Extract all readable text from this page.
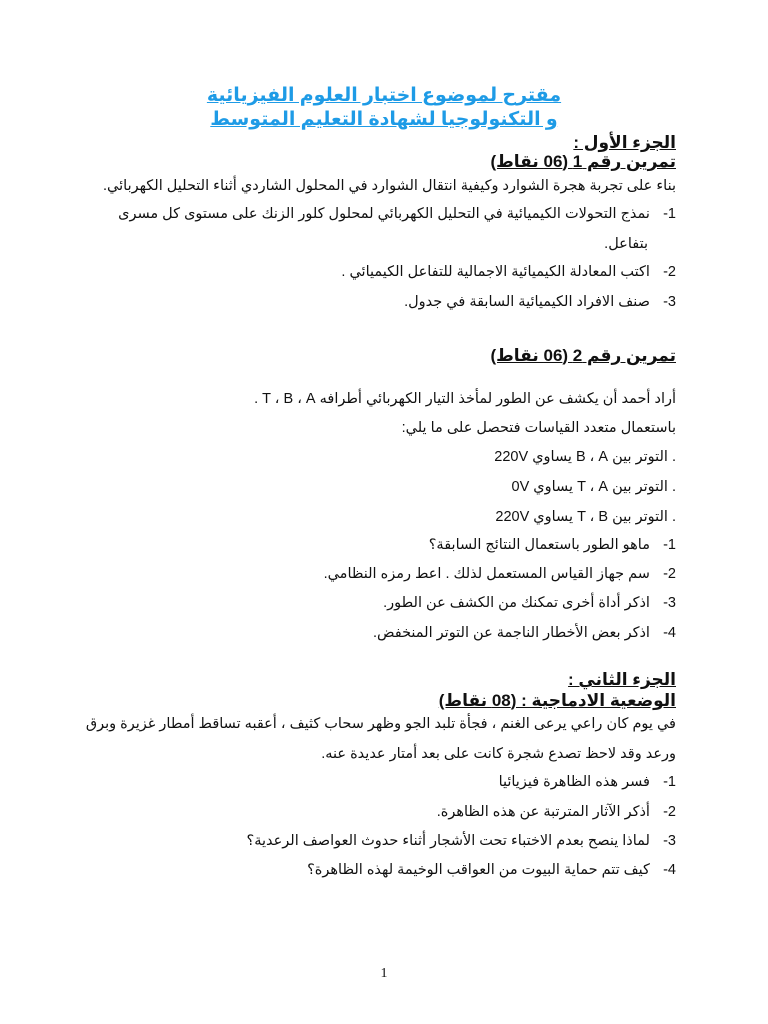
مقترح لموضوع اختبار العلوم الفيزيائية
و التكنولوجيا لشهادة التعليم المتوسط
الجزء الأول :
تمرين رقم 1 (06 نقاط)
بناء على تجربة هجرة الشوارد وكيفية انتقال الشوارد في المحلول الشاردي أثناء التحليل الكهربائي.
-1 نمذج التحولات الكيميائية في التحليل الكهربائي لمحلول كلور الزنك على مستوى كل مسرى
بتفاعل.
-2 اكتب المعادلة الكيميائية الاجمالية للتفاعل الكيميائي .
-3 صنف الافراد الكيميائية السابقة في جدول.
تمرين رقم 2 (06 نقاط)
أراد أحمد أن يكشف عن الطور لمأخذ التيار الكهربائي أطرافه T ، B ، A .
باستعمال متعدد القياسات فتحصل على ما يلي:
. التوتر بين B ، A يساوي 220V
. التوتر بين T ، A يساوي 0V
. التوتر بين T ، B يساوي 220V
-1 ماهو الطور باستعمال النتائج السابقة؟
-2 سم جهاز القياس المستعمل لذلك . اعط رمزه النظامي.
-3 اذكر أداة أخرى تمكنك من الكشف عن الطور.
-4 اذكر بعض الأخطار الناجمة عن التوتر المنخفض.
الجزء الثاني :
الوضعية الادماجية : (08 نقاط)
في يوم كان راعي يرعى الغنم ، فجأة تلبد الجو وظهر سحاب كثيف ، أعقبه تساقط أمطار غزيرة وبرق
ورعد وقد لاحظ تصدع شجرة كانت على بعد أمتار عديدة عنه.
-1 فسر هذه الظاهرة فيزيائيا
-2 أذكر الآثار المترتبة عن هذه الظاهرة.
-3 لماذا ينصح بعدم الاختباء تحت الأشجار أثناء حدوث العواصف الرعدية؟
-4 كيف تتم حماية البيوت من العواقب الوخيمة لهذه الظاهرة؟
1
